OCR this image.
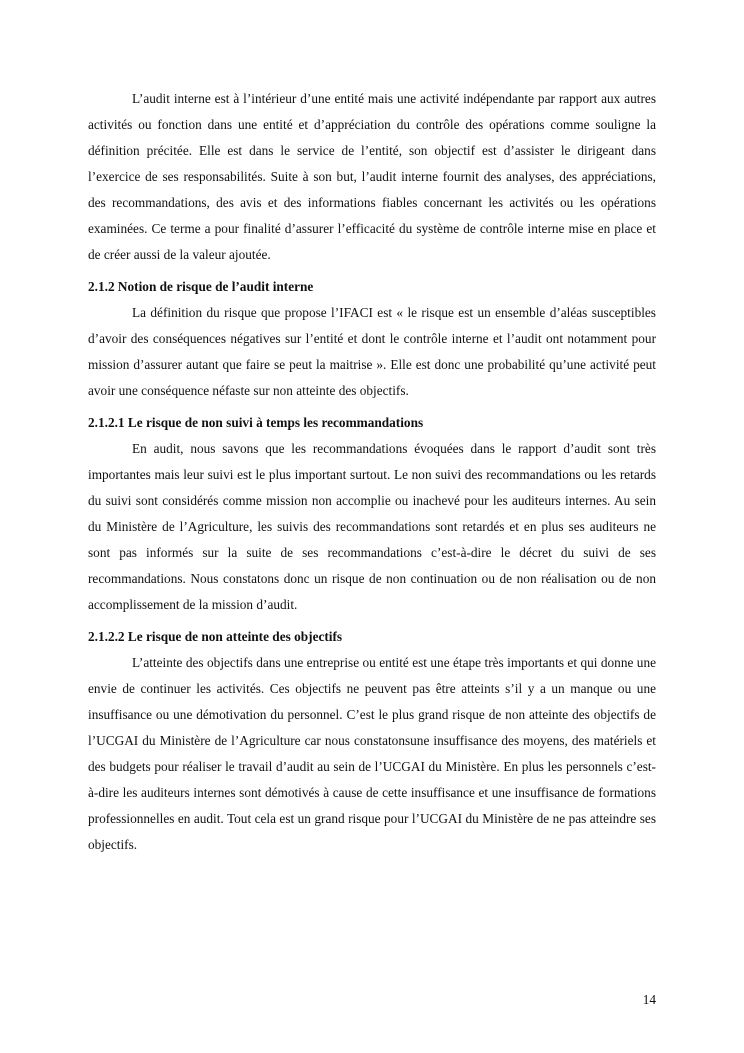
L’audit interne est à l’intérieur d’une entité mais une activité indépendante par rapport aux autres activités ou fonction dans une entité et d’appréciation du contrôle des opérations comme souligne la définition précitée. Elle est dans le service de l’entité, son objectif est d’assister le dirigeant dans l’exercice de ses responsabilités. Suite à son but, l’audit interne fournit des analyses, des appréciations, des recommandations, des avis et des informations fiables concernant les activités ou les opérations examinées. Ce terme a pour finalité d’assurer l’efficacité du système de contrôle interne mise en place et de créer aussi de la valeur ajoutée.

2.1.2 Notion de risque de l’audit interne

La définition du risque que propose l’IFACI est « le risque est un ensemble d’aléas susceptibles d’avoir des conséquences négatives sur l’entité et dont le contrôle interne et l’audit ont notamment pour mission d’assurer autant que faire se peut la maitrise ». Elle est donc une probabilité qu’une activité peut avoir une conséquence néfaste sur non atteinte des objectifs.

2.1.2.1 Le risque de non suivi à temps les recommandations

En audit, nous savons que les recommandations évoquées dans le rapport d’audit sont très importantes mais leur suivi est le plus important surtout. Le non suivi des recommandations ou les retards du suivi sont considérés comme mission non accomplie ou inachevé pour les auditeurs internes. Au sein du Ministère de l’Agriculture, les suivis des recommandations sont retardés et en plus ses auditeurs ne sont pas informés sur la suite de ses recommandations c’est-à-dire le décret du suivi de ses recommandations. Nous constatons donc un risque de non continuation ou de non réalisation ou de non accomplissement de la mission d’audit.

2.1.2.2 Le risque de non atteinte des objectifs

L’atteinte des objectifs dans une entreprise ou entité est une étape très importants et qui donne une envie de continuer les activités. Ces objectifs ne peuvent pas être atteints s’il y a un manque ou une insuffisance ou une démotivation du personnel. C’est le plus grand risque de non atteinte des objectifs de l’UCGAI du Ministère de l’Agriculture car nous constatonsune insuffisance des moyens, des matériels et des budgets pour réaliser le travail d’audit au sein de l’UCGAI du Ministère. En plus les personnels c’est-à-dire les auditeurs internes sont démotivés à cause de cette insuffisance et une insuffisance de formations professionnelles en audit. Tout cela est un grand risque pour l’UCGAI du Ministère de ne pas atteindre ses objectifs.

14
